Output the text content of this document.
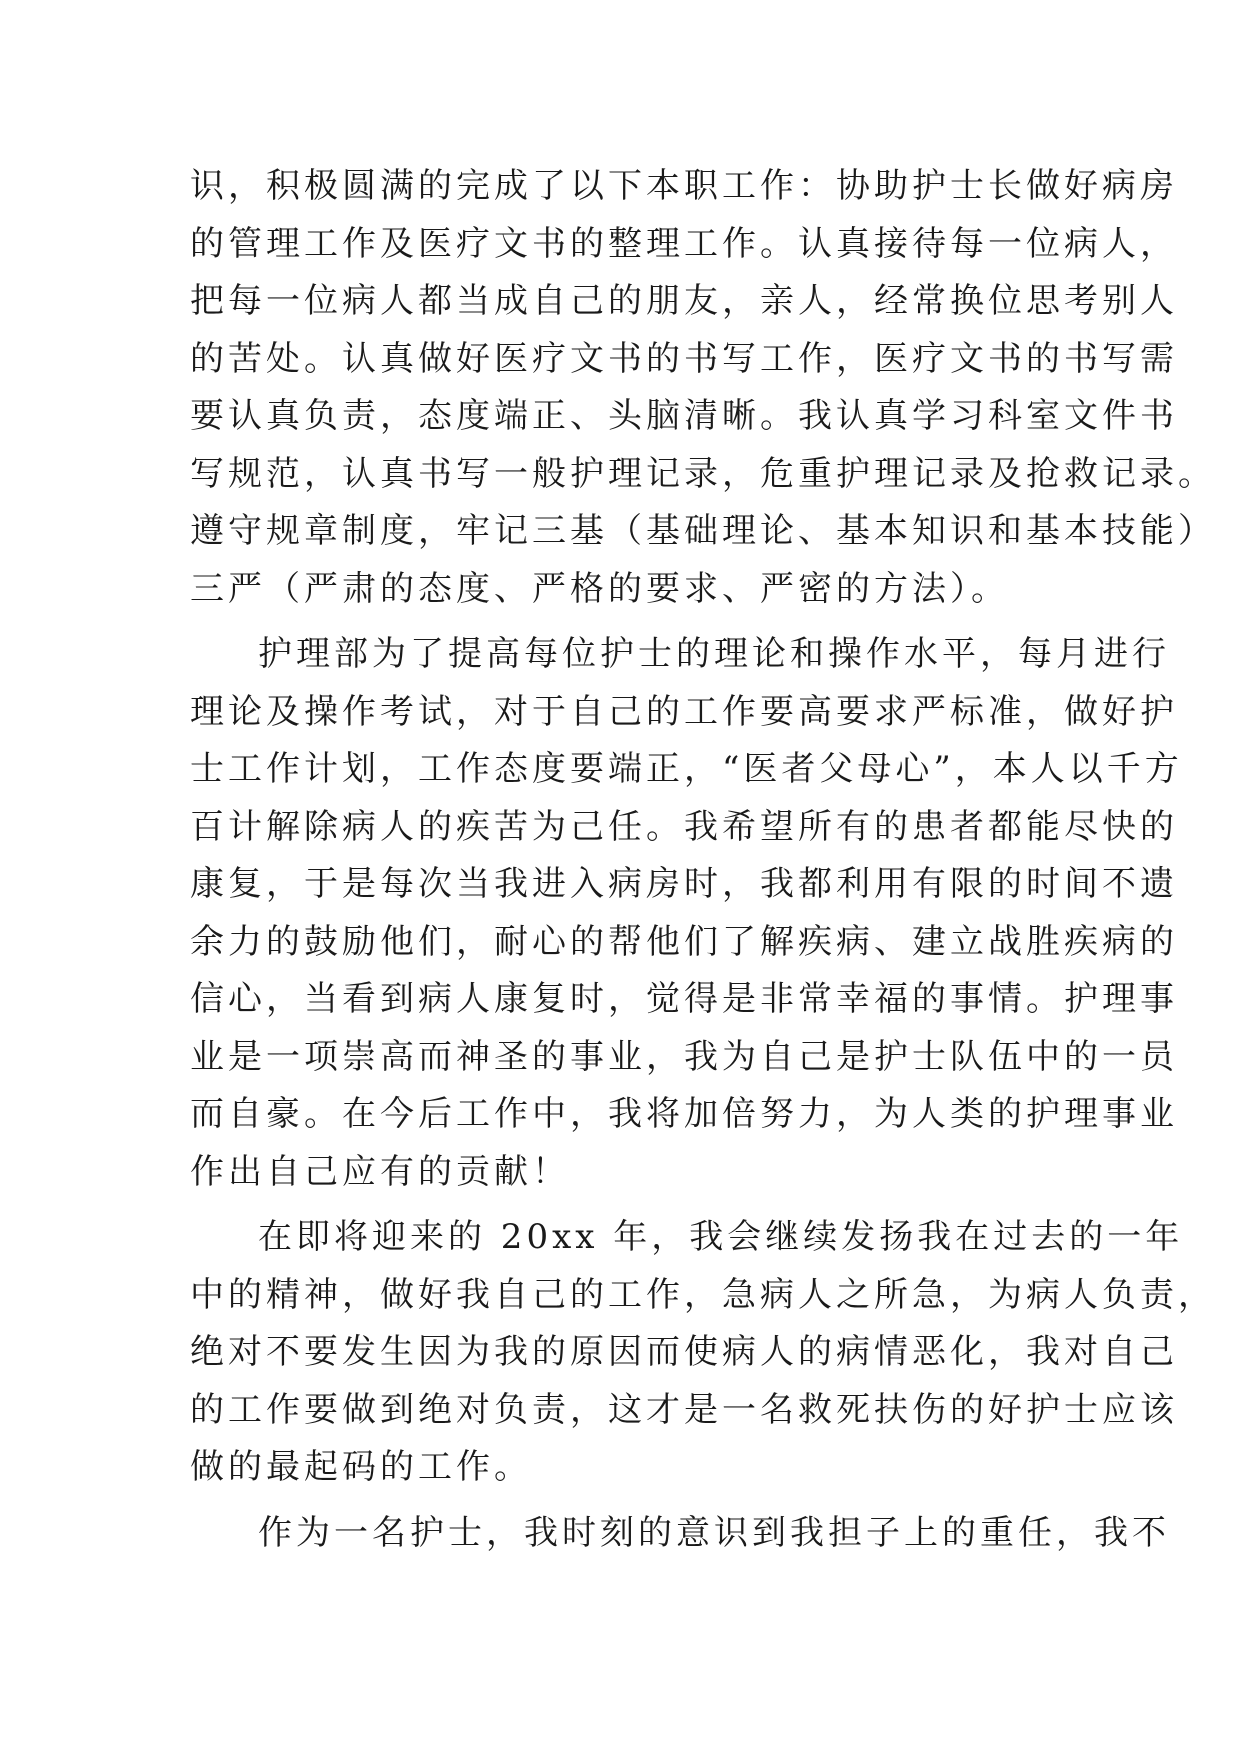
识，积极圆满的完成了以下本职工作：协助护士长做好病房
的管理工作及医疗文书的整理工作。认真接待每一位病人，
把每一位病人都当成自己的朋友，亲人，经常换位思考别人
的苦处。认真做好医疗文书的书写工作，医疗文书的书写需
要认真负责，态度端正、头脑清晰。我认真学习科室文件书
写规范，认真书写一般护理记录，危重护理记录及抢救记录。
遵守规章制度，牢记三基（基础理论、基本知识和基本技能）
三严（严肃的态度、严格的要求、严密的方法）。
护理部为了提高每位护士的理论和操作水平，每月进行
理论及操作考试，对于自己的工作要高要求严标准，做好护
士工作计划，工作态度要端正，“医者父母心”，本人以千方
百计解除病人的疾苦为己任。我希望所有的患者都能尽快的
康复，于是每次当我进入病房时，我都利用有限的时间不遗
余力的鼓励他们，耐心的帮他们了解疾病、建立战胜疾病的
信心，当看到病人康复时，觉得是非常幸福的事情。护理事
业是一项崇高而神圣的事业，我为自己是护士队伍中的一员
而自豪。在今后工作中，我将加倍努力，为人类的护理事业
作出自己应有的贡献！
在即将迎来的 20xx 年，我会继续发扬我在过去的一年
中的精神，做好我自己的工作，急病人之所急，为病人负责，
绝对不要发生因为我的原因而使病人的病情恶化，我对自己
的工作要做到绝对负责，这才是一名救死扶伤的好护士应该
做的最起码的工作。
作为一名护士，我时刻的意识到我担子上的重任，我不
